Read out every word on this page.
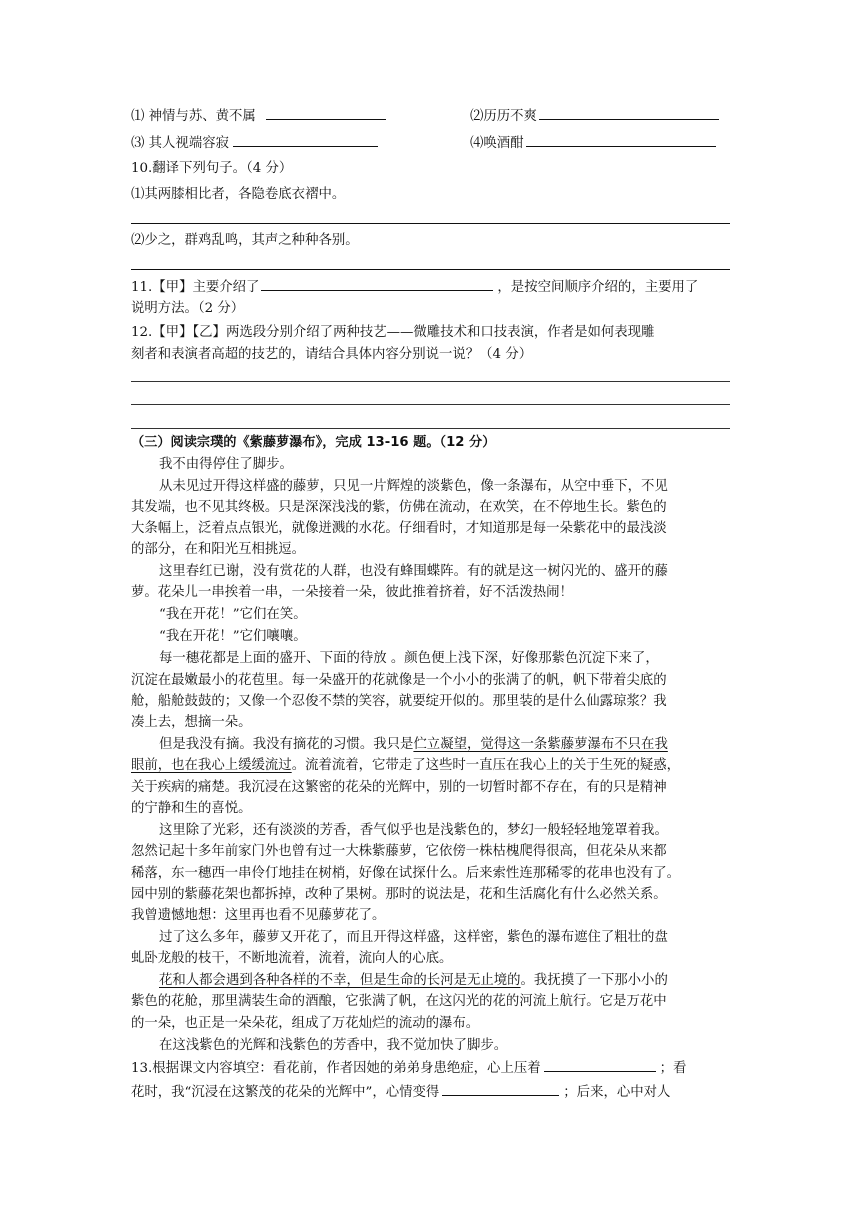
⑴ 神情与苏、黄不属	⑵历历不爽
⑶ 其人视端容寂	⑷唤酒酣
10.翻译下列句子。（4 分）
⑴其两膝相比者，各隐卷底衣褶中。
⑵少之，群鸡乱鸣，其声之种种各别。
11.【甲】主要介绍了	，是按空间顺序介绍的，主要用了
说明方法。（2 分）
12.【甲】【乙】两选段分别介绍了两种技艺——微雕技术和口技表演，作者是如何表现雕
刻者和表演者高超的技艺的，请结合具体内容分别说一说？（4 分）
（三）阅读宗璞的《紫藤萝瀑布》，完成 13-16 题。（12 分）
我不由得停住了脚步。
从未见过开得这样盛的藤萝，只见一片辉煌的淡紫色，像一条瀑布，从空中垂下，不见
其发端，也不见其终极。只是深深浅浅的紫，仿佛在流动，在欢笑，在不停地生长。紫色的
大条幅上，泛着点点银光，就像迸溅的水花。仔细看时，才知道那是每一朵紫花中的最浅淡
的部分，在和阳光互相挑逗。
这里春红已谢，没有赏花的人群，也没有蜂围蝶阵。有的就是这一树闪光的、盛开的藤
萝。花朵儿一串挨着一串，一朵接着一朵，彼此推着挤着，好不活泼热闹！
“我在开花！”它们在笑。
“我在开花！”它们嚷嚷。
每一穗花都是上面的盛开、下面的待放 。颜色便上浅下深，好像那紫色沉淀下来了，
沉淀在最嫩最小的花苞里。每一朵盛开的花就像是一个小小的张满了的帆，帆下带着尖底的
舱，船舱鼓鼓的；又像一个忍俊不禁的笑容，就要绽开似的。那里装的是什么仙露琼浆？我
凑上去，想摘一朵。
但是我没有摘。我没有摘花的习惯。我只是伫立凝望，觉得这一条紫藤萝瀑布不只在我
眼前，也在我心上缓缓流过。流着流着，它带走了这些时一直压在我心上的关于生死的疑惑，
关于疾病的痛楚。我沉浸在这繁密的花朵的光辉中，别的一切暂时都不存在，有的只是精神
的宁静和生的喜悦。
这里除了光彩，还有淡淡的芳香，香气似乎也是浅紫色的，梦幻一般轻轻地笼罩着我。
忽然记起十多年前家门外也曾有过一大株紫藤萝，它依傍一株枯槐爬得很高，但花朵从来都
稀落，东一穗西一串伶仃地挂在树梢，好像在试探什么。后来索性连那稀零的花串也没有了。
园中别的紫藤花架也都拆掉，改种了果树。那时的说法是，花和生活腐化有什么必然关系。
我曾遗憾地想：这里再也看不见藤萝花了。
过了这么多年，藤萝又开花了，而且开得这样盛，这样密，紫色的瀑布遮住了粗壮的盘
虬卧龙般的枝干，不断地流着，流着，流向人的心底。
花和人都会遇到各种各样的不幸，但是生命的长河是无止境的。我抚摸了一下那小小的
紫色的花舱，那里满装生命的酒酿，它张满了帆，在这闪光的花的河流上航行。它是万花中
的一朵，也正是一朵朵花，组成了万花灿烂的流动的瀑布。
在这浅紫色的光辉和浅紫色的芳香中，我不觉加快了脚步。
13.根据课文内容填空：看花前，作者因她的弟弟身患绝症，心上压着	；看
花时，我“沉浸在这繁茂的花朵的光辉中”，心情变得	；后来，心中对人
